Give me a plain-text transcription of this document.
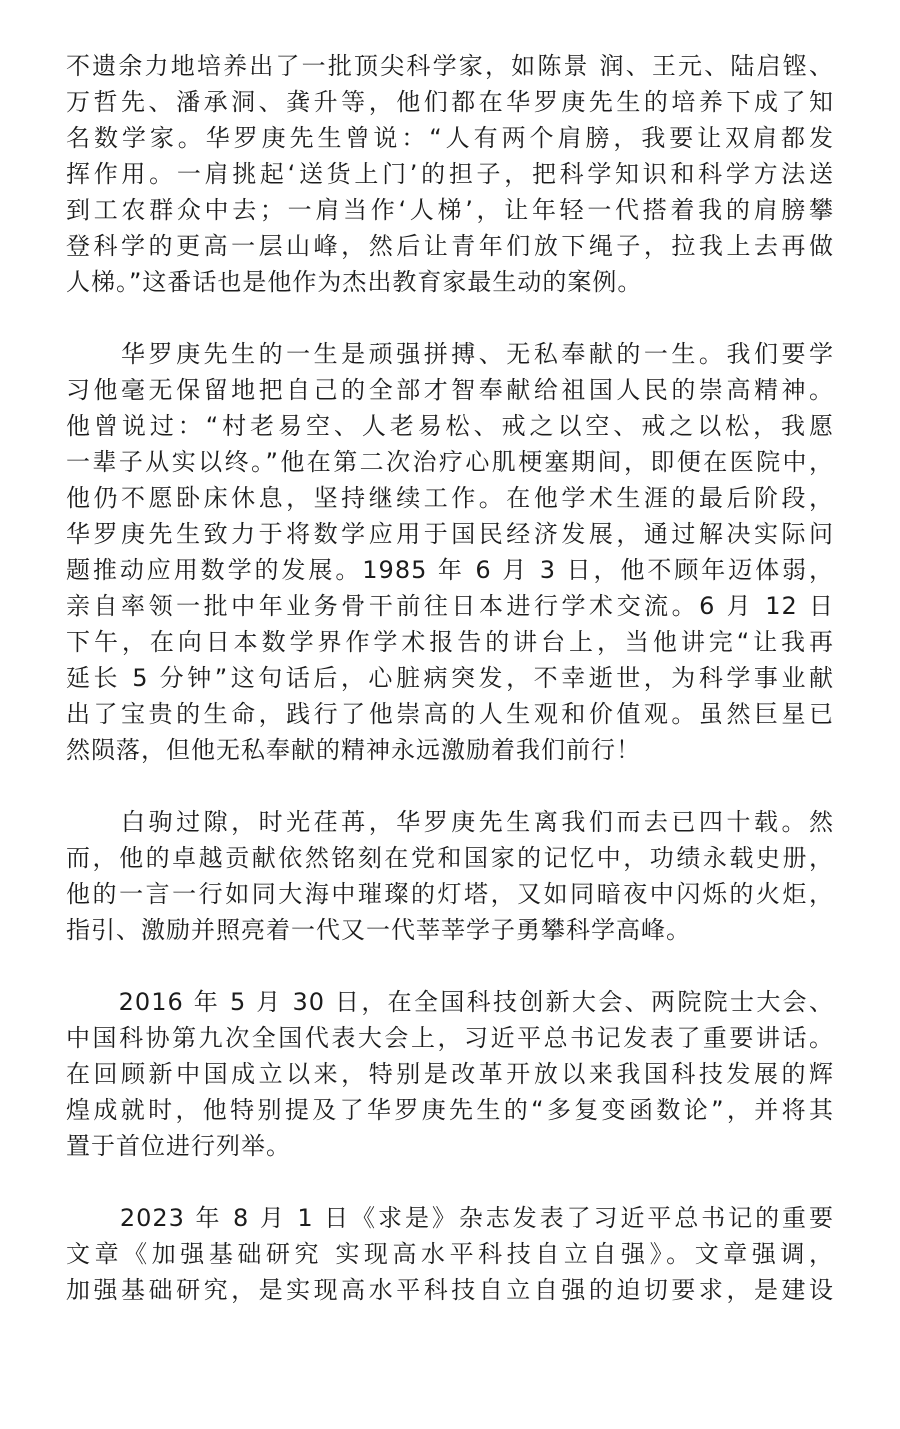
不遗余力地培养出了一批顶尖科学家，如陈景 润、王元、陆启铿、
万哲先、潘承洞、龚升等，他们都在华罗庚先生的培养下成了知
名数学家。华罗庚先生曾说：“人有两个肩膀，我要让双肩都发
挥作用。一肩挑起‘送货上门’的担子，把科学知识和科学方法送
到工农群众中去；一肩当作‘人梯’，让年轻一代搭着我的肩膀攀
登科学的更高一层山峰，然后让青年们放下绳子，拉我上去再做
人梯。”这番话也是他作为杰出教育家最生动的案例。
　　华罗庚先生的一生是顽强拼搏、无私奉献的一生。我们要学
习他毫无保留地把自己的全部才智奉献给祖国人民的崇高精神。
他曾说过：“村老易空、人老易松、戒之以空、戒之以松，我愿
一辈子从实以终。”他在第二次治疗心肌梗塞期间，即便在医院中，
他仍不愿卧床休息，坚持继续工作。在他学术生涯的最后阶段，
华罗庚先生致力于将数学应用于国民经济发展，通过解决实际问
题推动应用数学的发展。1985 年 6 月 3 日，他不顾年迈体弱，
亲自率领一批中年业务骨干前往日本进行学术交流。6 月 12 日
下午，在向日本数学界作学术报告的讲台上，当他讲完“让我再
延长 5 分钟”这句话后，心脏病突发，不幸逝世，为科学事业献
出了宝贵的生命，践行了他崇高的人生观和价值观。虽然巨星已
然陨落，但他无私奉献的精神永远激励着我们前行！
　　白驹过隙，时光荏苒，华罗庚先生离我们而去已四十载。然
而，他的卓越贡献依然铭刻在党和国家的记忆中，功绩永载史册，
他的一言一行如同大海中璀璨的灯塔，又如同暗夜中闪烁的火炬，
指引、激励并照亮着一代又一代莘莘学子勇攀科学高峰。
　　2016 年 5 月 30 日，在全国科技创新大会、两院院士大会、
中国科协第九次全国代表大会上，习近平总书记发表了重要讲话。
在回顾新中国成立以来，特别是改革开放以来我国科技发展的辉
煌成就时，他特别提及了华罗庚先生的“多复变函数论”，并将其
置于首位进行列举。
　　2023 年 8 月 1 日《求是》杂志发表了习近平总书记的重要
文章《加强基础研究 实现高水平科技自立自强》。文章强调，
加强基础研究，是实现高水平科技自立自强的迫切要求，是建设
